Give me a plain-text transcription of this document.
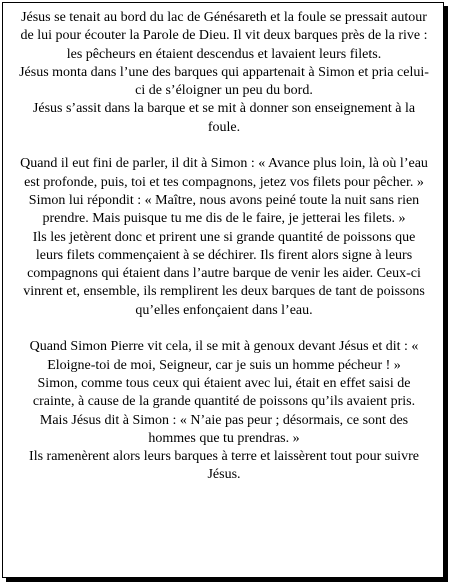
Jésus se tenait au bord du lac de Génésareth et la foule se pressait autour de lui pour écouter la Parole de Dieu. Il vit deux barques près de la rive : les pêcheurs en étaient descendus et lavaient leurs filets.

Jésus monta dans l’une des barques qui appartenait à Simon et pria celui-ci de s’éloigner un peu du bord.

Jésus s’assit dans la barque et se mit à donner son enseignement à la foule.

Quand il eut fini de parler, il dit à Simon : « Avance plus loin, là où l’eau est profonde, puis, toi et tes compagnons, jetez vos filets pour pêcher. »

Simon lui répondit : « Maître, nous avons peiné toute la nuit sans rien prendre. Mais puisque tu me dis de le faire, je jetterai les filets. »

Ils les jetèrent donc et prirent une si grande quantité de poissons que leurs filets commençaient à se déchirer. Ils firent alors signe à leurs compagnons qui étaient dans l’autre barque de venir les aider. Ceux-ci vinrent et, ensemble, ils remplirent les deux barques de tant de poissons qu’elles enfonçaient dans l’eau.

Quand Simon Pierre vit cela, il se mit à genoux devant Jésus et dit : « Eloigne-toi de moi, Seigneur, car je suis un homme pécheur ! »

Simon, comme tous ceux qui étaient avec lui, était en effet saisi de crainte, à cause de la grande quantité de poissons qu’ils avaient pris.

Mais Jésus dit à Simon : « N’aie pas peur ; désormais, ce sont des hommes que tu prendras. »

Ils ramenèrent alors leurs barques à terre et laissèrent tout pour suivre Jésus.
